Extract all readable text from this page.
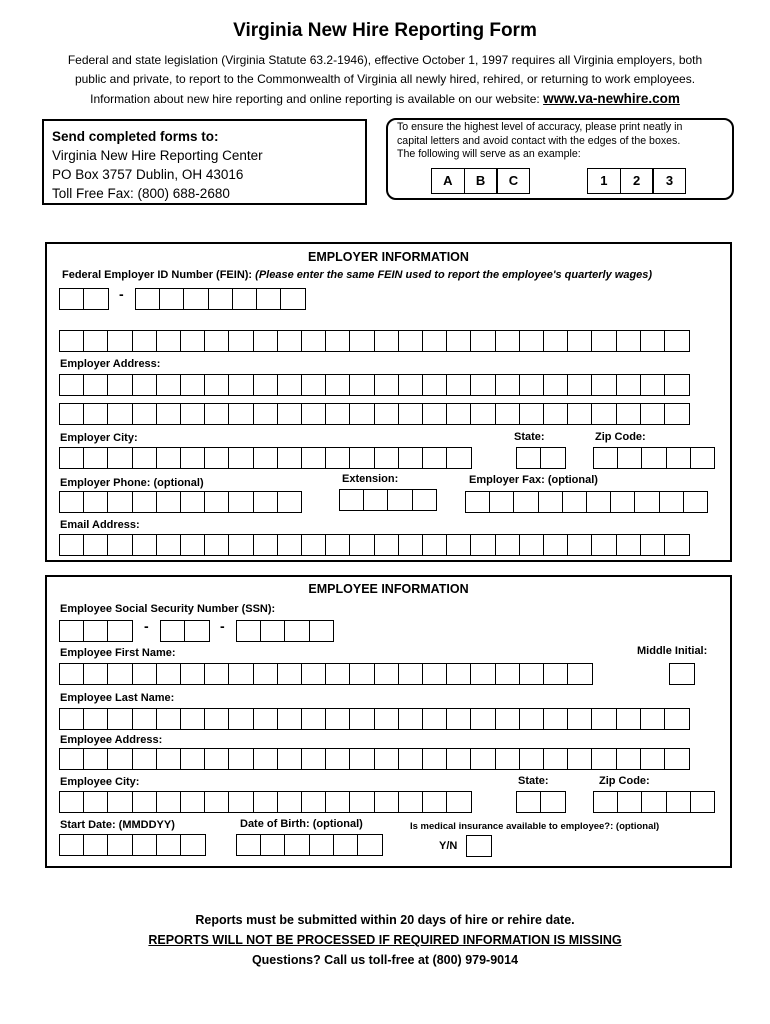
Virginia New Hire Reporting Form
Federal and state legislation (Virginia Statute 63.2-1946), effective October 1, 1997 requires all Virginia employers, both
public and private, to report to the Commonwealth of Virginia all newly hired, rehired, or returning to work employees.
Information about new hire reporting and online reporting is available on our website: www.va-newhire.com
Send completed forms to:
Virginia New Hire Reporting Center
PO Box 3757 Dublin, OH 43016
Toll Free Fax: (800) 688-2680
To ensure the highest level of accuracy, please print neatly in
capital letters and avoid contact with the edges of the boxes.
The following will serve as an example:
A	B	C	1	2	3
EMPLOYER INFORMATION
Federal Employer ID Number (FEIN): (Please enter the same FEIN used to report the employee's quarterly wages)
-
Employer Address:
Employer City:	State:	Zip Code:
Employer Phone: (optional)	Extension:	Employer Fax: (optional)
Email Address:
EMPLOYEE INFORMATION
Employee Social Security Number (SSN):
-	-
Employee First Name:	Middle Initial:
Employee Last Name:
Employee Address:
Employee City:	State:	Zip Code:
Start Date: (MMDDYY)	Date of Birth: (optional)	Is medical insurance available to employee?: (optional)
Y/N
Reports must be submitted within 20 days of hire or rehire date.
REPORTS WILL NOT BE PROCESSED IF REQUIRED INFORMATION IS MISSING
Questions? Call us toll-free at (800) 979-9014
